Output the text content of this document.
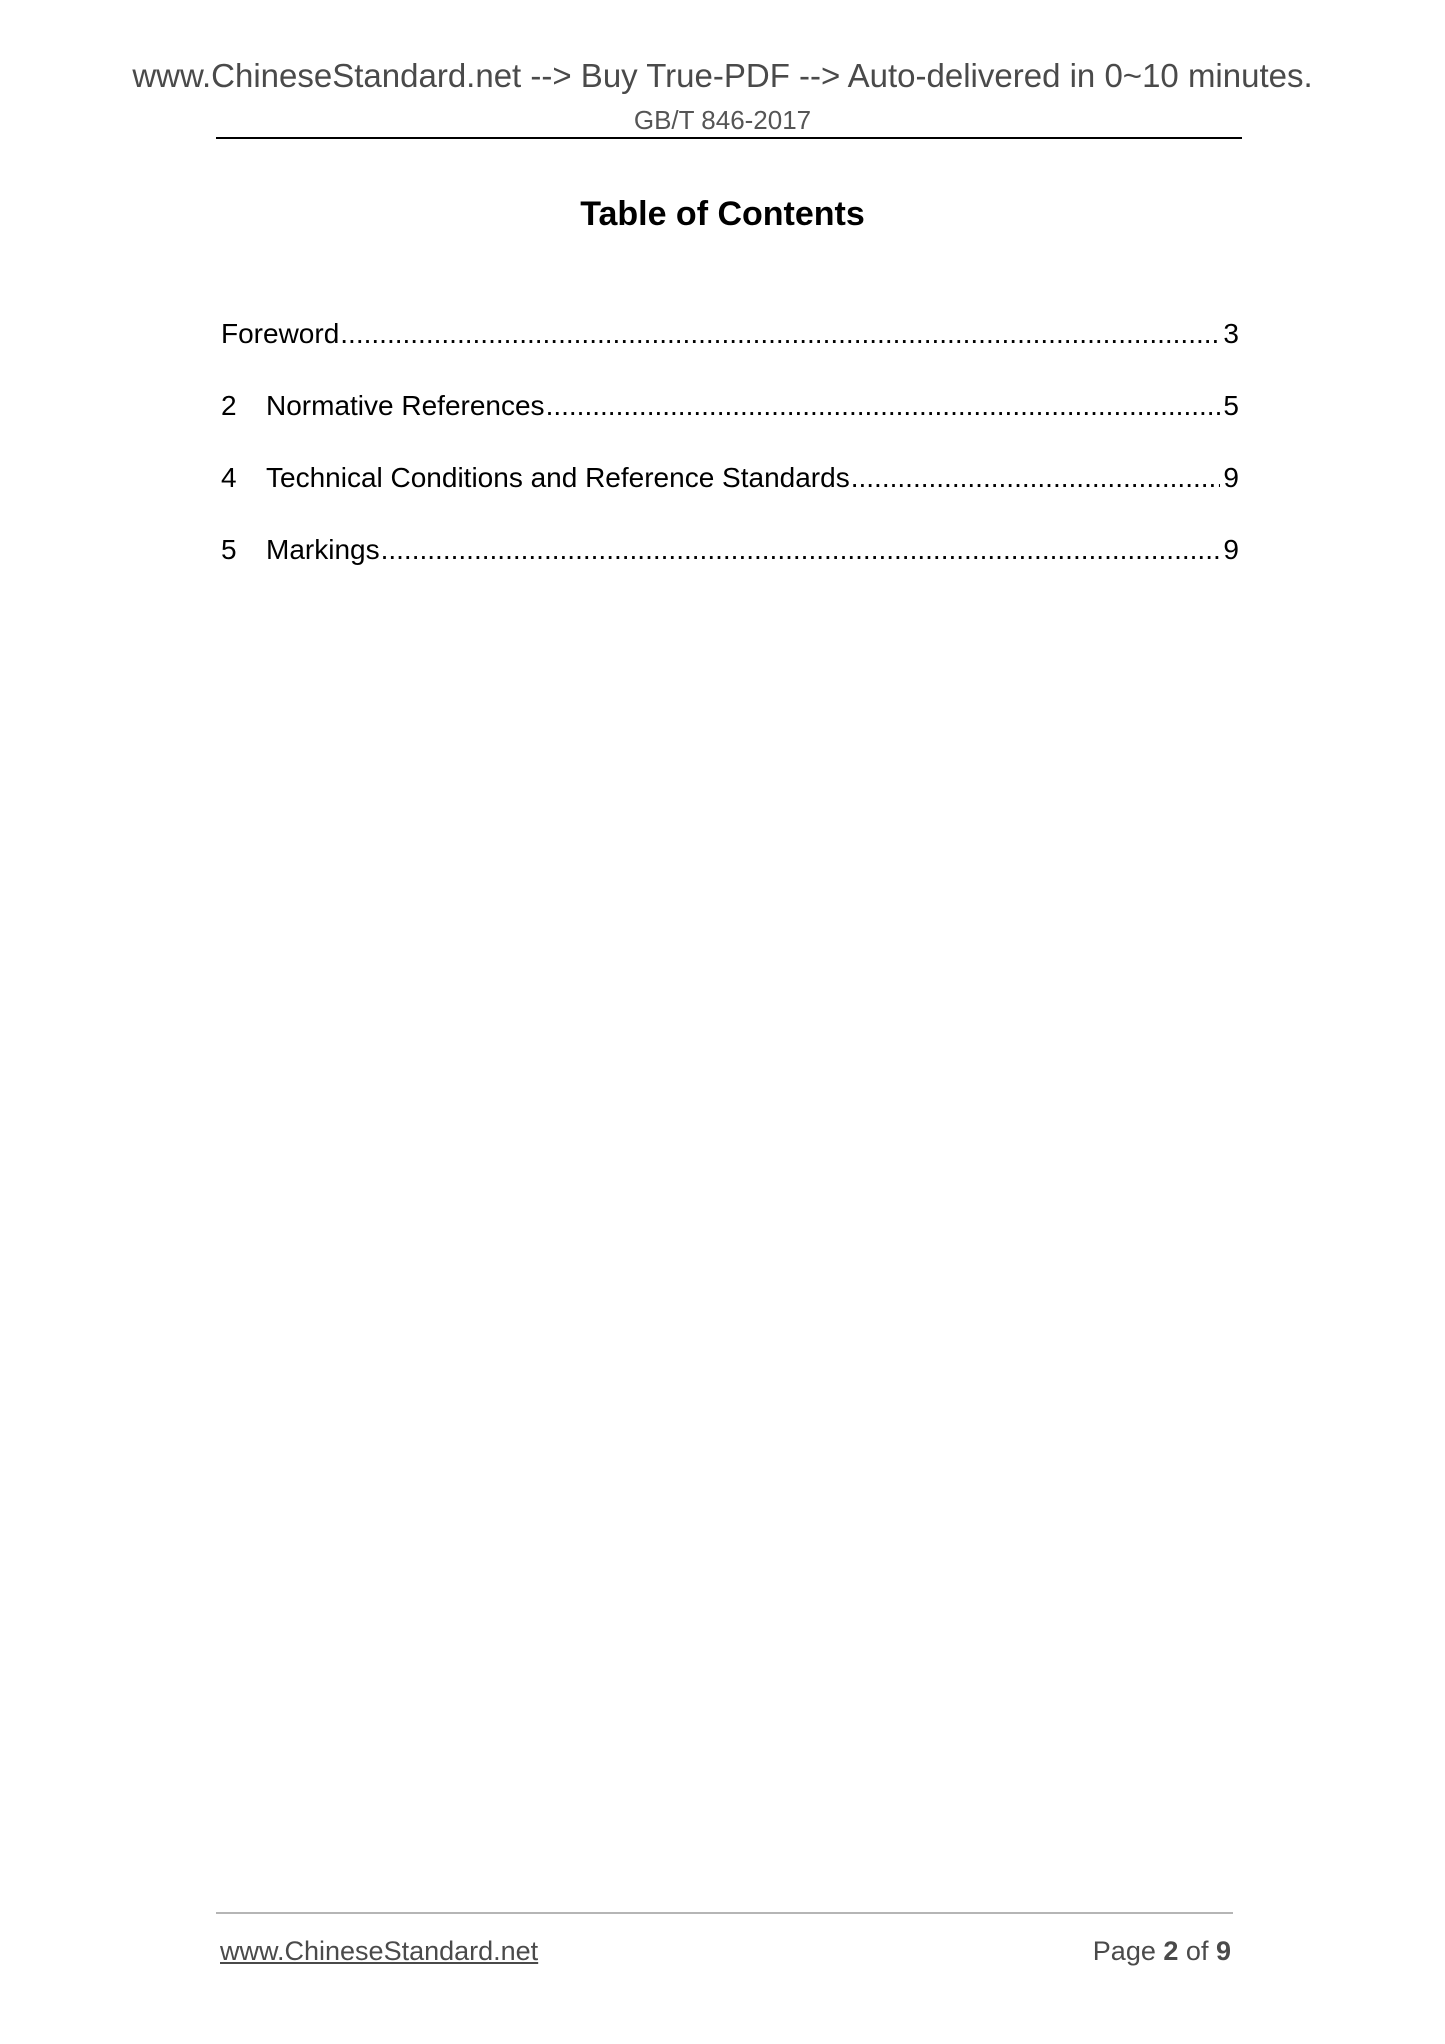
www.ChineseStandard.net --> Buy True-PDF --> Auto-delivered in 0~10 minutes.
GB/T 846-2017
Table of Contents
Foreword .....	3
2	Normative References .....	5
4	Technical Conditions and Reference Standards .....	9
5	Markings .....	9
www.ChineseStandard.net	Page 2 of 9
